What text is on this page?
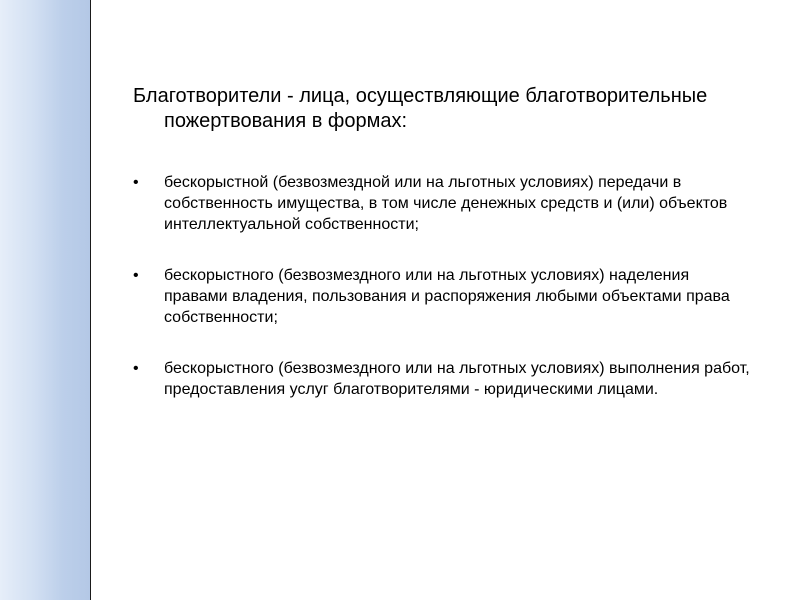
Благотворители - лица, осуществляющие благотворительные пожертвования в формах:

• бескорыстной (безвозмездной или на льготных условиях) передачи в собственность имущества, в том числе денежных средств и (или) объектов интеллектуальной собственности;
• бескорыстного (безвозмездного или на льготных условиях) наделения правами владения, пользования и распоряжения любыми объектами права собственности;
• бескорыстного (безвозмездного или на льготных условиях) выполнения работ, предоставления услуг благотворителями - юридическими лицами.
